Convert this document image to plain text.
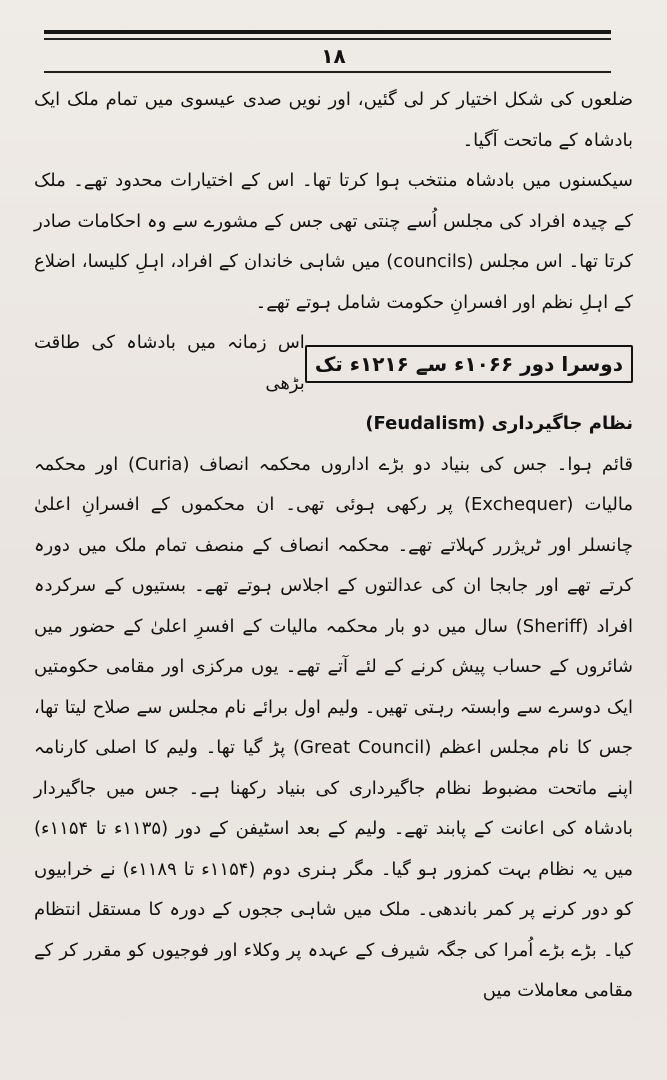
۱۸

ضلعوں کی شکل اختیار کر لی گئیں، اور نویں صدی عیسوی میں تمام ملک ایک بادشاہ کے ماتحت آگیا۔

سیکسنوں میں بادشاہ منتخب ہوا کرتا تھا۔ اس کے اختیارات محدود تھے۔ ملک کے چیدہ افراد کی مجلس اُسے چنتی تھی جس کے مشورے سے وہ احکامات صادر کرتا تھا۔ اس مجلس (councils) میں شاہی خاندان کے افراد، اہلِ کلیسا، اضلاع کے اہلِ نظم اور افسرانِ حکومت شامل ہوتے تھے۔

دوسرا دور ۱۰۶۶ء سے ۱۲۱۶ء تک
اس زمانہ میں بادشاہ کی طاقت بڑھی

نظام جاگیرداری (Feudalism)

قائم ہوا۔ جس کی بنیاد دو بڑے اداروں محکمہ انصاف (Curia) اور محکمہ مالیات (Exchequer) پر رکھی ہوئی تھی۔ ان محکموں کے افسرانِ اعلیٰ چانسلر اور ٹریژرر کہلاتے تھے۔ محکمہ انصاف کے منصف تمام ملک میں دورہ کرتے تھے اور جابجا ان کی عدالتوں کے اجلاس ہوتے تھے۔ بستیوں کے سرکردہ افراد (Sheriff) سال میں دو بار محکمہ مالیات کے افسرِ اعلیٰ کے حضور میں شائروں کے حساب پیش کرنے کے لئے آتے تھے۔ یوں مرکزی اور مقامی حکومتیں ایک دوسرے سے وابستہ رہتی تھیں۔ ولیم اول برائے نام مجلس سے صلاح لیتا تھا، جس کا نام مجلس اعظم (Great Council) پڑ گیا تھا۔ ولیم کا اصلی کارنامہ اپنے ماتحت مضبوط نظام جاگیرداری کی بنیاد رکھنا ہے۔ جس میں جاگیردار بادشاہ کی اعانت کے پابند تھے۔ ولیم کے بعد اسٹیفن کے دور (۱۱۳۵ء تا ۱۱۵۴ء) میں یہ نظام بہت کمزور ہو گیا۔ مگر ہنری دوم (۱۱۵۴ء تا ۱۱۸۹ء) نے خرابیوں کو دور کرنے پر کمر باندھی۔ ملک میں شاہی ججوں کے دورہ کا مستقل انتظام کیا۔ بڑے بڑے اُمرا کی جگہ شیرف کے عہدہ پر وکلاء اور فوجیوں کو مقرر کر کے مقامی معاملات میں
